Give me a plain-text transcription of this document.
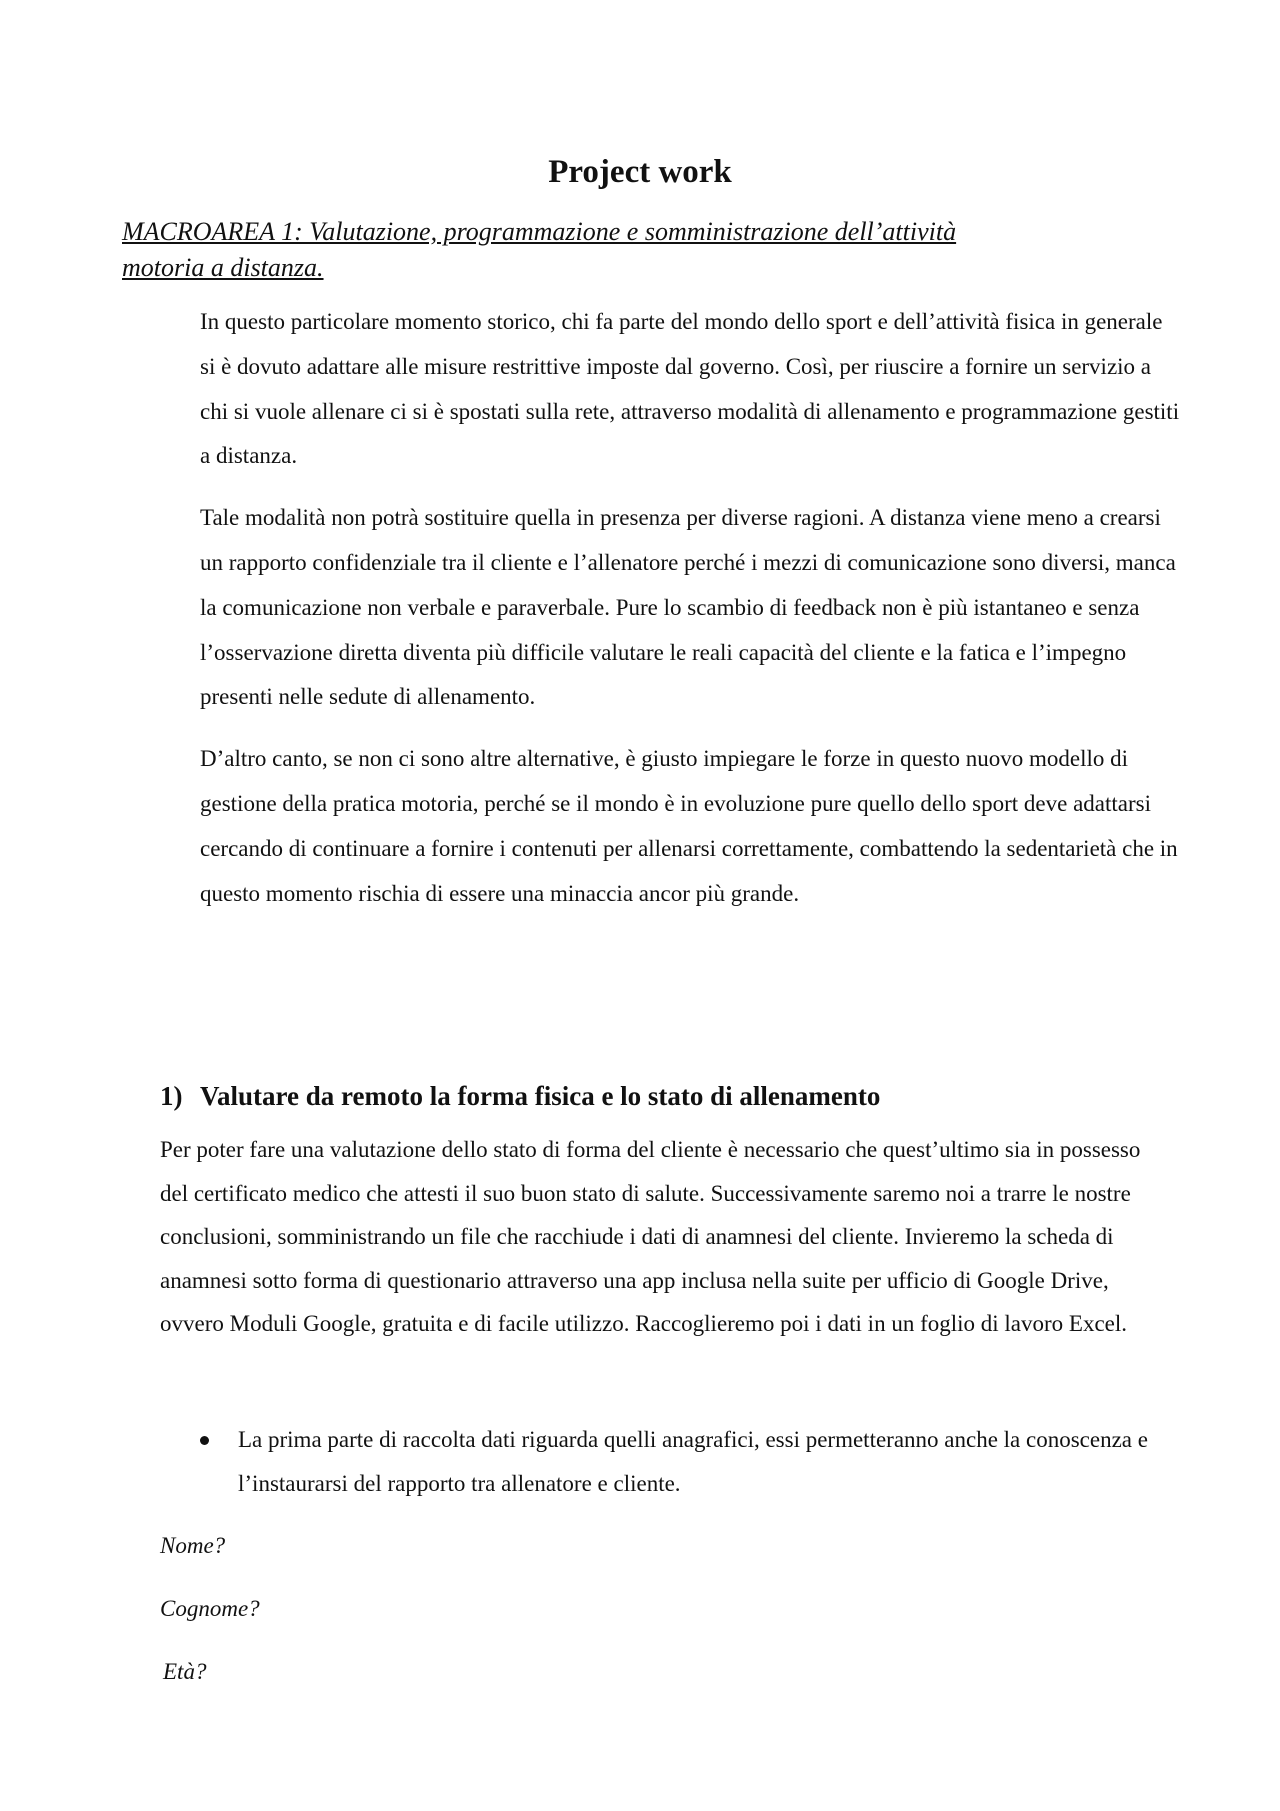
Project work
MACROAREA 1: Valutazione, programmazione e somministrazione dell’attività
motoria a distanza.

In questo particolare momento storico, chi fa parte del mondo dello sport e dell’attività fisica in generale si è dovuto adattare alle misure restrittive imposte dal governo. Così, per riuscire a fornire un servizio a chi si vuole allenare ci si è spostati sulla rete, attraverso modalità di allenamento e programmazione gestiti a distanza.

Tale modalità non potrà sostituire quella in presenza per diverse ragioni. A distanza viene meno a crearsi un rapporto confidenziale tra il cliente e l’allenatore perché i mezzi di comunicazione sono diversi, manca la comunicazione non verbale e paraverbale. Pure lo scambio di feedback non è più istantaneo e senza l’osservazione diretta diventa più difficile valutare le reali capacità del cliente e la fatica e l’impegno presenti nelle sedute di allenamento.

D’altro canto, se non ci sono altre alternative, è giusto impiegare le forze in questo nuovo modello di gestione della pratica motoria, perché se il mondo è in evoluzione pure quello dello sport deve adattarsi cercando di continuare a fornire i contenuti per allenarsi correttamente, combattendo la sedentarietà che in questo momento rischia di essere una minaccia ancor più grande.

1) Valutare da remoto la forma fisica e lo stato di allenamento

Per poter fare una valutazione dello stato di forma del cliente è necessario che quest’ultimo sia in possesso del certificato medico che attesti il suo buon stato di salute. Successivamente saremo noi a trarre le nostre conclusioni, somministrando un file che racchiude i dati di anamnesi del cliente. Invieremo la scheda di anamnesi sotto forma di questionario attraverso una app inclusa nella suite per ufficio di Google Drive, ovvero Moduli Google, gratuita e di facile utilizzo. Raccoglieremo poi i dati in un foglio di lavoro Excel.

La prima parte di raccolta dati riguarda quelli anagrafici, essi permetteranno anche la conoscenza e l’instaurarsi del rapporto tra allenatore e cliente.

Nome?

Cognome?

Età?
